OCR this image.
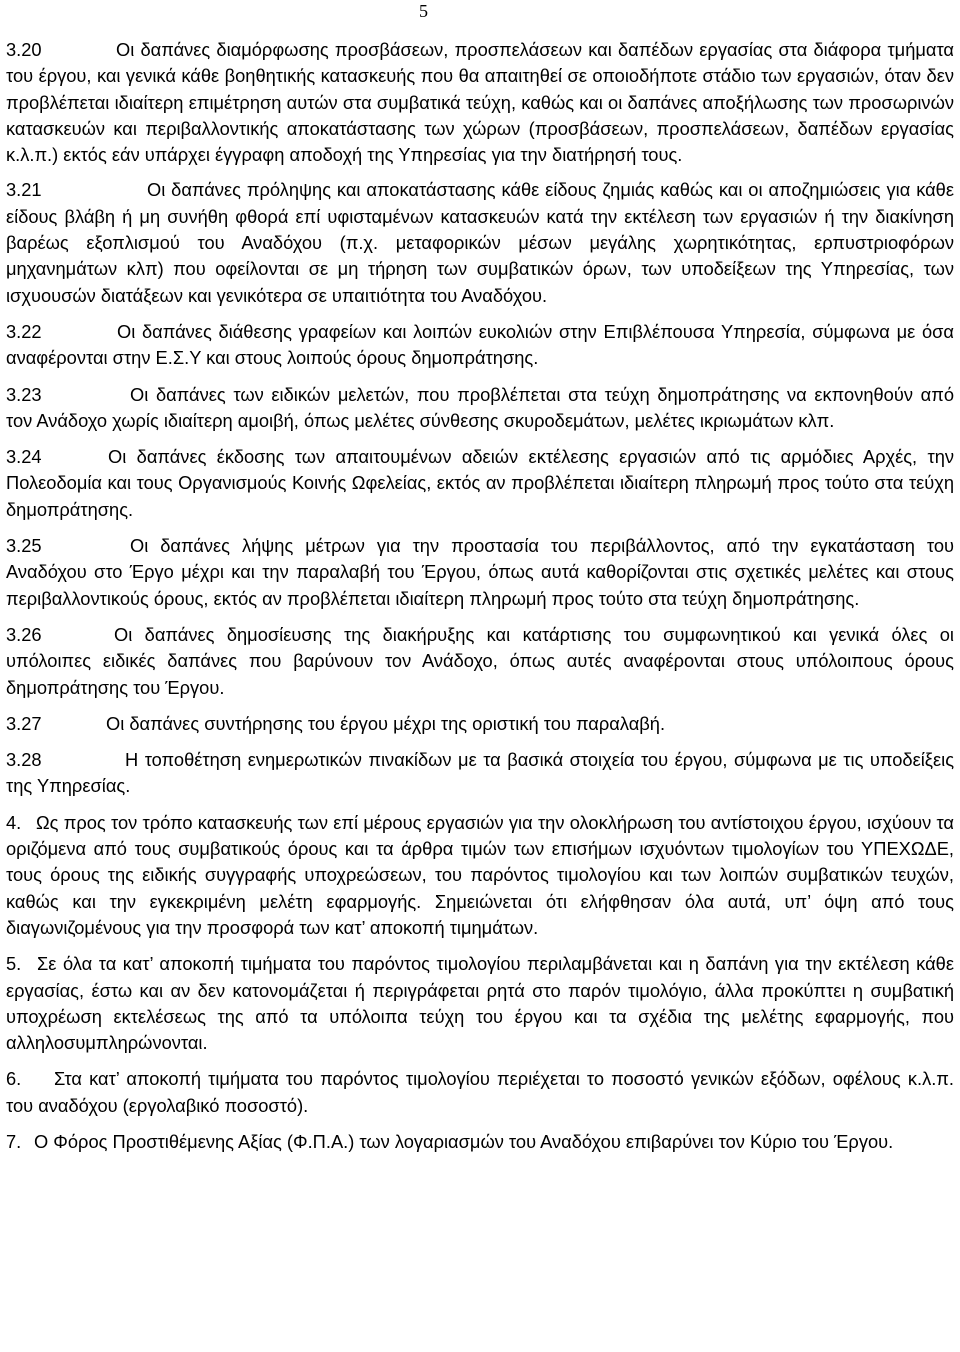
5

3.20	Οι δαπάνες διαμόρφωσης προσβάσεων, προσπελάσεων και δαπέδων εργασίας στα διάφορα τμήματα του έργου, και γενικά κάθε βοηθητικής κατασκευής που θα απαιτηθεί σε οποιοδήποτε στάδιο των εργασιών, όταν δεν προβλέπεται ιδιαίτερη επιμέτρηση αυτών στα συμβατικά τεύχη, καθώς και οι δαπάνες αποξήλωσης των προσωρινών κατασκευών και περιβαλλοντικής αποκατάστασης των χώρων (προσβάσεων, προσπελάσεων, δαπέδων εργασίας κ.λ.π.) εκτός εάν υπάρχει έγγραφη αποδοχή της Υπηρεσίας για την διατήρησή τους.

3.21	Οι δαπάνες πρόληψης και αποκατάστασης κάθε είδους ζημιάς καθώς και οι αποζημιώσεις για κάθε είδους βλάβη ή μη συνήθη φθορά επί υφισταμένων κατασκευών κατά την εκτέλεση των εργασιών ή την διακίνηση βαρέως εξοπλισμού του Αναδόχου (π.χ. μεταφορικών μέσων μεγάλης χωρητικότητας, ερπυστριοφόρων μηχανημάτων κλπ) που οφείλονται σε μη τήρηση των συμβατικών όρων, των υποδείξεων της Υπηρεσίας, των ισχυουσών διατάξεων και γενικότερα σε υπαιτιότητα του Αναδόχου.

3.22	Οι δαπάνες διάθεσης γραφείων και λοιπών ευκολιών στην Επιβλέπουσα Υπηρεσία, σύμφωνα με όσα αναφέρονται στην Ε.Σ.Υ και στους λοιπούς όρους δημοπράτησης.

3.23	Οι δαπάνες των ειδικών μελετών, που προβλέπεται στα τεύχη δημοπράτησης να εκπονηθούν από τον Ανάδοχο χωρίς ιδιαίτερη αμοιβή, όπως μελέτες σύνθεσης σκυροδεμάτων, μελέτες ικριωμάτων κλπ.

3.24	Οι δαπάνες έκδοσης των απαιτουμένων αδειών εκτέλεσης εργασιών από τις αρμόδιες Αρχές, την Πολεοδομία και τους Οργανισμούς Κοινής Ωφελείας, εκτός αν προβλέπεται ιδιαίτερη πληρωμή προς τούτο στα τεύχη δημοπράτησης.

3.25	Οι δαπάνες λήψης μέτρων για την προστασία του περιβάλλοντος, από την εγκατάσταση του Αναδόχου στο Έργο μέχρι και την παραλαβή του Έργου, όπως αυτά καθορίζονται στις σχετικές μελέτες και στους περιβαλλοντικούς όρους, εκτός αν προβλέπεται ιδιαίτερη πληρωμή προς τούτο στα τεύχη δημοπράτησης.

3.26	Οι δαπάνες δημοσίευσης της διακήρυξης και κατάρτισης του συμφωνητικού και γενικά όλες οι υπόλοιπες ειδικές δαπάνες που βαρύνουν τον Ανάδοχο, όπως αυτές αναφέρονται στους υπόλοιπους όρους δημοπράτησης του Έργου.

3.27	Οι δαπάνες συντήρησης του έργου μέχρι της οριστική του παραλαβή.

3.28	Η τοποθέτηση ενημερωτικών πινακίδων με τα βασικά στοιχεία του έργου, σύμφωνα με τις υποδείξεις της Υπηρεσίας.

4. Ως προς τον τρόπο κατασκευής των επί μέρους εργασιών για την ολοκλήρωση του αντίστοιχου έργου, ισχύουν τα οριζόμενα από τους συμβατικούς όρους και τα άρθρα τιμών των επισήμων ισχυόντων τιμολογίων του ΥΠΕΧΩΔΕ, τους όρους της ειδικής συγγραφής υποχρεώσεων, του παρόντος τιμολογίου και των λοιπών συμβατικών τευχών, καθώς και την εγκεκριμένη μελέτη εφαρμογής. Σημειώνεται ότι ελήφθησαν όλα αυτά, υπ’ όψη από τους διαγωνιζομένους για την προσφορά των κατ’ αποκοπή τιμημάτων.

5. Σε όλα τα κατ’ αποκοπή τιμήματα του παρόντος τιμολογίου περιλαμβάνεται και η δαπάνη για την εκτέλεση κάθε εργασίας, έστω και αν δεν κατονομάζεται ή περιγράφεται ρητά στο παρόν τιμολόγιο, άλλα προκύπτει η συμβατική υποχρέωση εκτελέσεως της από τα υπόλοιπα τεύχη του έργου και τα σχέδια της μελέτης εφαρμογής, που αλληλοσυμπληρώνονται.

6. Στα κατ’ αποκοπή τιμήματα του παρόντος τιμολογίου περιέχεται το ποσοστό γενικών εξόδων, οφέλους κ.λ.π. του αναδόχου (εργολαβικό ποσοστό).

7. Ο Φόρος Προστιθέμενης Αξίας (Φ.Π.Α.) των λογαριασμών του Αναδόχου επιβαρύνει τον Κύριο του Έργου.
